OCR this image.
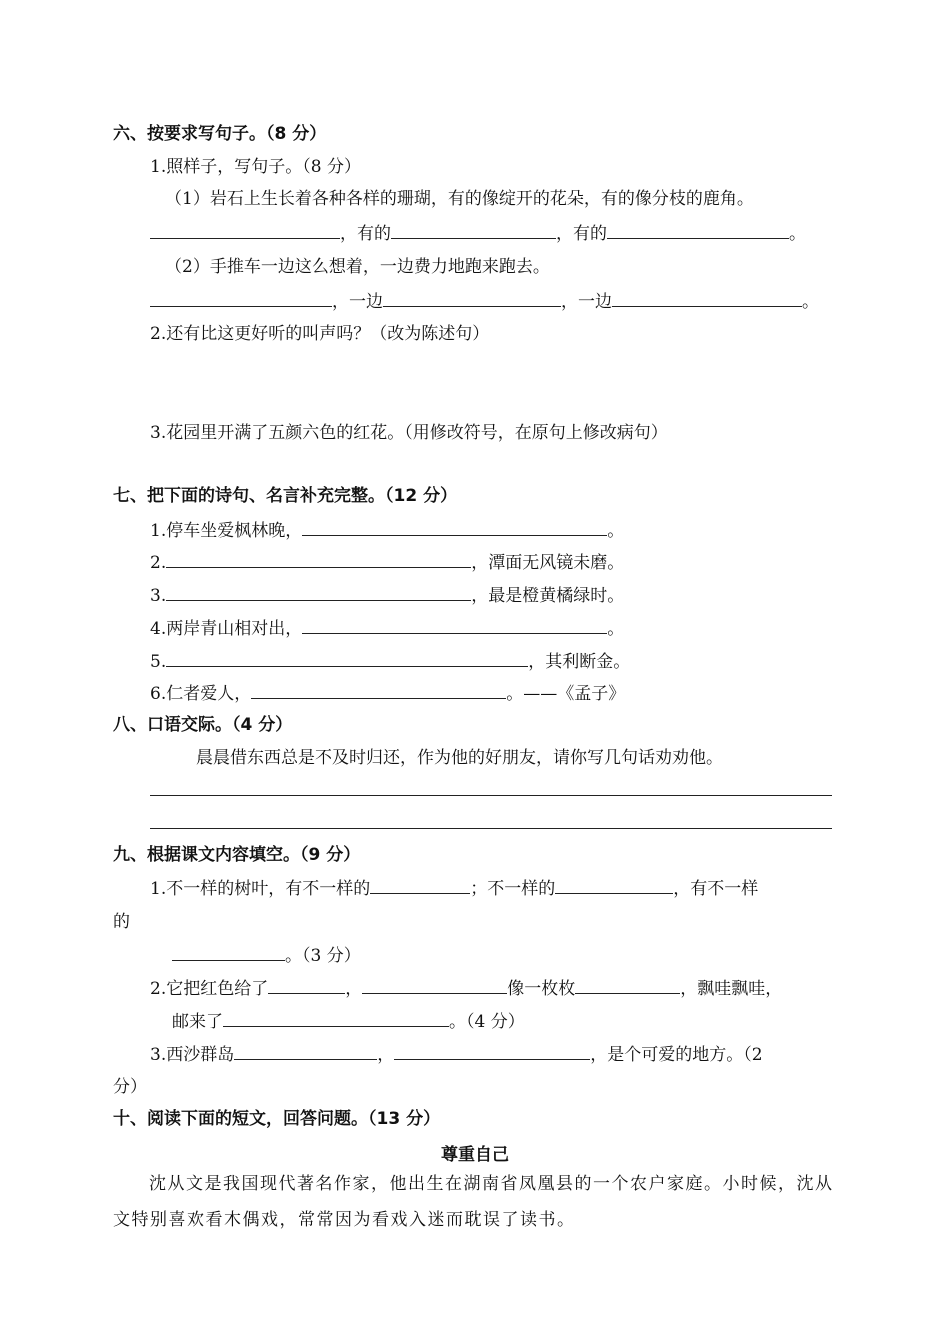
六、按要求写句子。（8 分）
1.照样子，写句子。（8 分）
（1）岩石上生长着各种各样的珊瑚，有的像绽开的花朵，有的像分枝的鹿角。
，有的	，有的	。
（2）手推车一边这么想着，一边费力地跑来跑去。
，一边	，一边	。
2.还有比这更好听的叫声吗？（改为陈述句）
3.花园里开满了五颜六色的红花。（用修改符号，在原句上修改病句）
七、把下面的诗句、名言补充完整。（12 分）
1.停车坐爱枫林晚，	。
2.	，潭面无风镜未磨。
3.	，最是橙黄橘绿时。
4.两岸青山相对出，	。
5.	，其利断金。
6.仁者爱人，	。——《孟子》
八、口语交际。（4 分）
晨晨借东西总是不及时归还，作为他的好朋友，请你写几句话劝劝他。
九、根据课文内容填空。（9 分）
1.不一样的树叶，有不一样的	；不一样的	，有不一样
的
。（3 分）
2.它把红色给了	，	像一枚枚	，飘哇飘哇，
邮来了	。（4 分）
3.西沙群岛	，	，是个可爱的地方。（2
分）
十、阅读下面的短文，回答问题。（13 分）
尊重自己
沈从文是我国现代著名作家，他出生在湖南省凤凰县的一个农户家庭。小时候，沈从文特别喜欢看木偶戏，常常因为看戏入迷而耽误了读书。
